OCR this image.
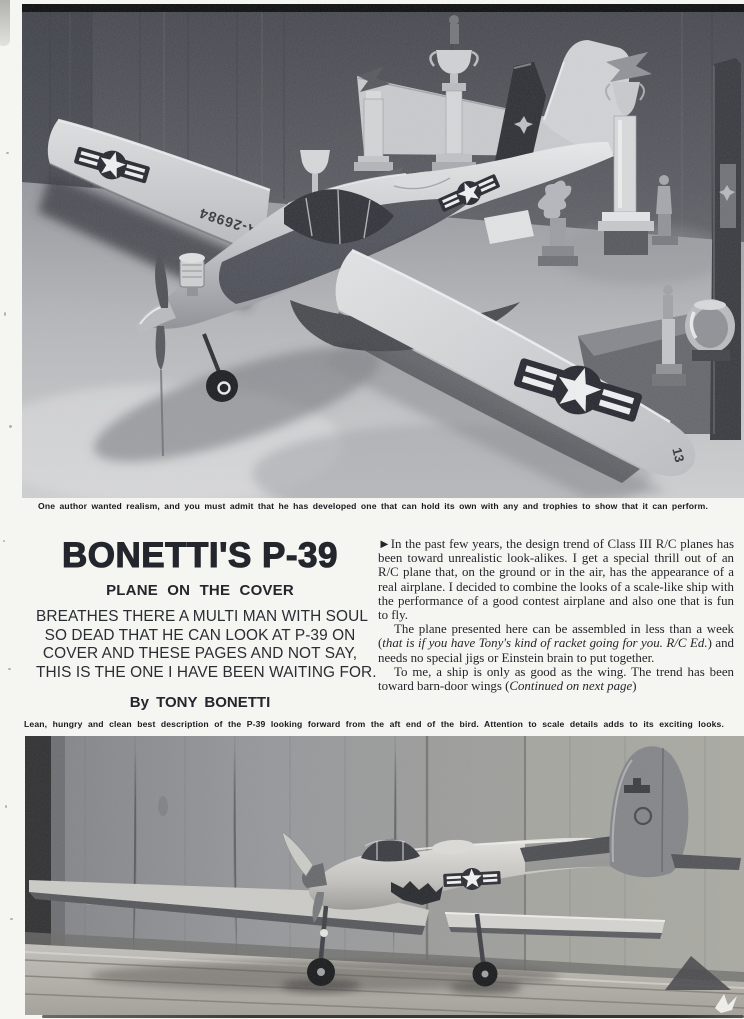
One author wanted realism, and you must admit that he has developed one that can hold its own with any and trophies to show that it can perform.

BONETTI'S P-39
PLANE ON THE COVER
BREATHES THERE A MULTI MAN WITH SOUL
SO DEAD THAT HE CAN LOOK AT P-39 ON
COVER AND THESE PAGES AND NOT SAY,
THIS IS THE ONE I HAVE BEEN WAITING FOR.
By TONY BONETTI

►In the past few years, the design trend of Class III R/C planes has been toward unrealistic look-alikes. I get a special thrill out of an R/C plane that, on the ground or in the air, has the appearance of a real airplane. I decided to combine the looks of a scale-like ship with the performance of a good contest airplane and also one that is fun to fly.

The plane presented here can be assembled in less than a week (that is if you have Tony's kind of racket going for you. R/C Ed.) and needs no special jigs or Einstein brain to put together.

To me, a ship is only as good as the wing. The trend has been toward barn-door wings (Continued on next page)

Lean, hungry and clean best description of the P-39 looking forward from the aft end of the bird. Attention to scale details adds to its exciting looks.
